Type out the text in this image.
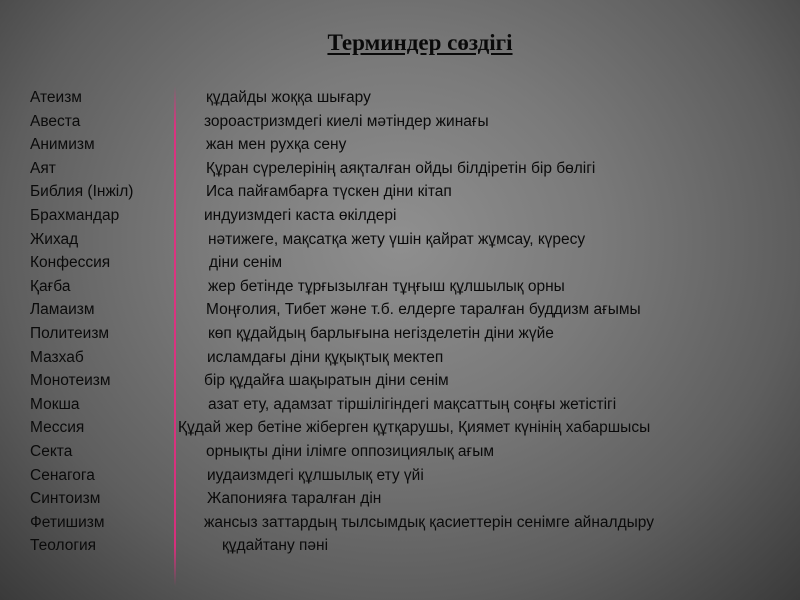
Терминдер сөздігі
Атеизм	құдайды жоққа шығару
Авеста	зороастризмдегі киелі мәтіндер жинағы
Анимизм	жан мен рухқа сену
Аят	Құран сүрелерінің аяқталған ойды білдіретін бір бөлігі
Библия (Інжіл)	Иса пайғамбарға түскен діни кітап
Брахмандар	индуизмдегі каста өкілдері
Жихад	нәтижеге, мақсатқа жету үшін қайрат жұмсау, күресу
Конфессия	діни сенім
Қағба	жер бетінде тұрғызылған тұңғыш құлшылық орны
Ламаизм	Моңғолия, Тибет және т.б. елдерге таралған буддизм ағымы
Политеизм	көп құдайдың барлығына негізделетін діни жүйе
Мазхаб	исламдағы діни құқықтық мектеп
Монотеизм	бір құдайға шақыратын діни сенім
Мокша	азат ету, адамзат тіршілігіндегі мақсаттың соңғы жетістігі
Мессия	Құдай жер бетіне жіберген құтқарушы, Қиямет күнінің хабаршысы
Секта	орнықты діни ілімге оппозициялық ағым
Сенагога	иудаизмдегі құлшылық ету үйі
Синтоизм	Жапонияға таралған дін
Фетишизм	жансыз заттардың тылсымдық қасиеттерін сенімге айналдыру
Теология	құдайтану пәні
